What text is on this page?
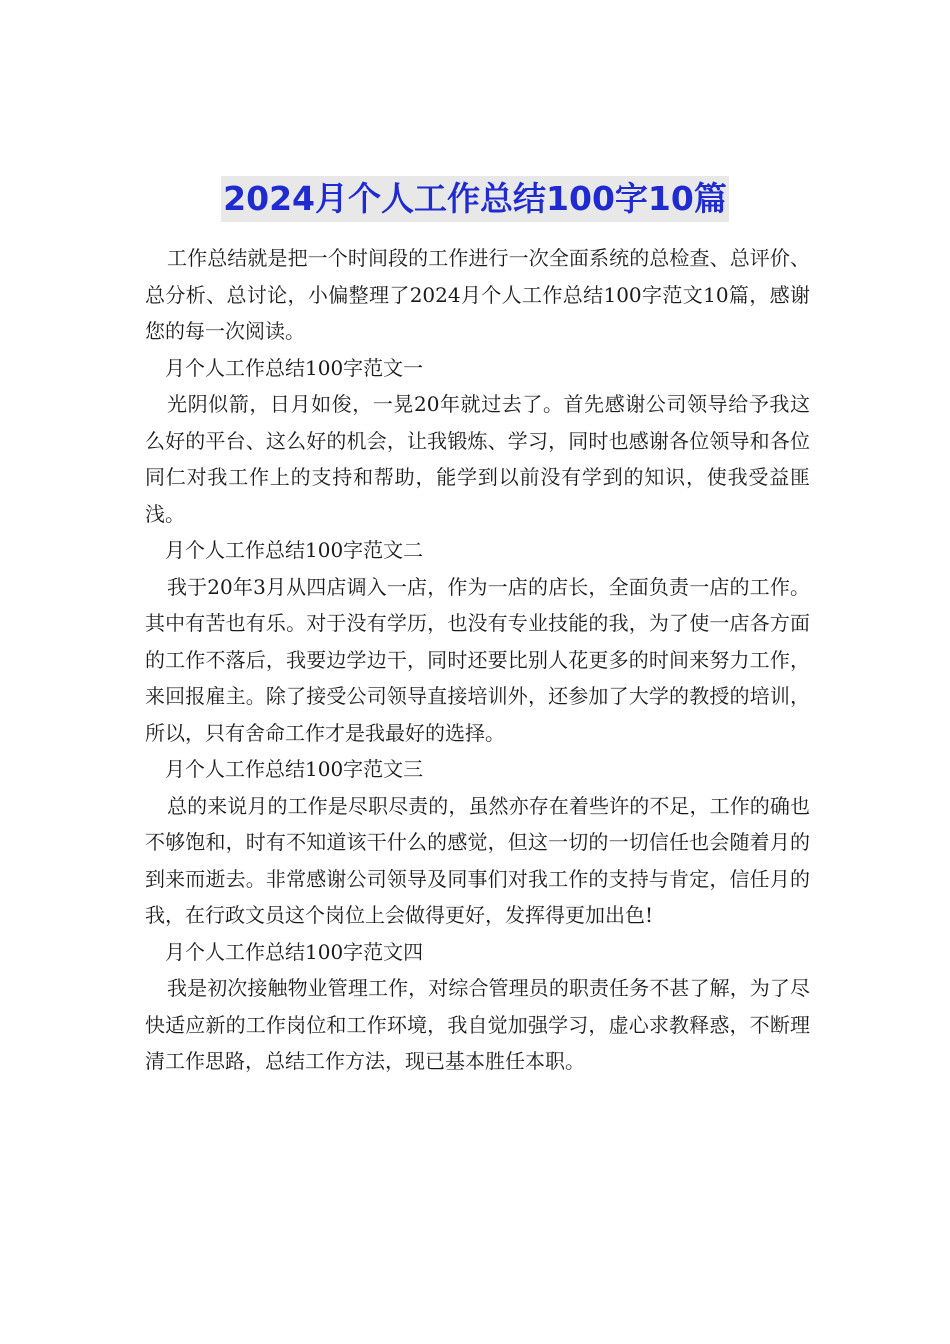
2024月个人工作总结100字10篇

工作总结就是把一个时间段的工作进行一次全面系统的总检查、总评价、总分析、总讨论，小偏整理了2024月个人工作总结100字范文10篇，感谢您的每一次阅读。

月个人工作总结100字范文一

光阴似箭，日月如俊，一晃20年就过去了。首先感谢公司领导给予我这么好的平台、这么好的机会，让我锻炼、学习，同时也感谢各位领导和各位同仁对我工作上的支持和帮助，能学到以前没有学到的知识，使我受益匪浅。

月个人工作总结100字范文二

我于20年3月从四店调入一店，作为一店的店长，全面负责一店的工作。其中有苦也有乐。对于没有学历，也没有专业技能的我，为了使一店各方面的工作不落后，我要边学边干，同时还要比别人花更多的时间来努力工作，来回报雇主。除了接受公司领导直接培训外，还参加了大学的教授的培训，所以，只有舍命工作才是我最好的选择。

月个人工作总结100字范文三

总的来说月的工作是尽职尽责的，虽然亦存在着些许的不足，工作的确也不够饱和，时有不知道该干什么的感觉，但这一切的一切信任也会随着月的到来而逝去。非常感谢公司领导及同事们对我工作的支持与肯定，信任月的我，在行政文员这个岗位上会做得更好，发挥得更加出色!

月个人工作总结100字范文四

我是初次接触物业管理工作，对综合管理员的职责任务不甚了解，为了尽快适应新的工作岗位和工作环境，我自觉加强学习，虚心求教释惑，不断理清工作思路，总结工作方法，现已基本胜任本职。
